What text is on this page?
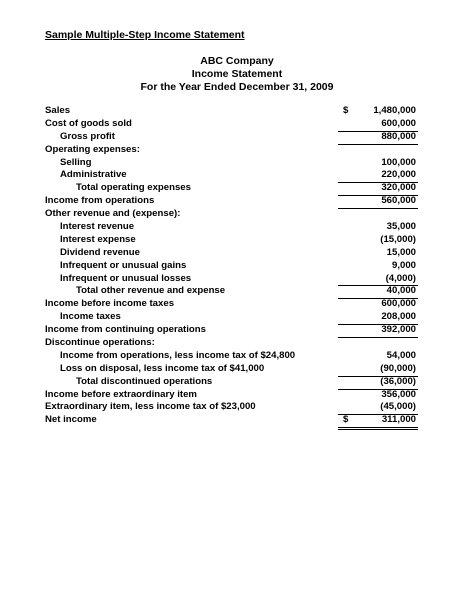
Sample Multiple-Step Income Statement
ABC Company
Income Statement
For the Year Ended December 31, 2009
Sales	$	1,480,000
Cost of goods sold	600,000
Gross profit	880,000
Operating expenses:
Selling	100,000
Administrative	220,000
Total operating expenses	320,000
Income from operations	560,000
Other revenue and (expense):
Interest revenue	35,000
Interest expense	(15,000)
Dividend revenue	15,000
Infrequent or unusual gains	9,000
Infrequent or unusual losses	(4,000)
Total other revenue and expense	40,000
Income before income taxes	600,000
Income taxes	208,000
Income from continuing operations	392,000
Discontinue operations:
Income from operations, less income tax of $24,800	54,000
Loss on disposal, less income tax of $41,000	(90,000)
Total discontinued operations	(36,000)
Income before extraordinary item	356,000
Extraordinary item, less income tax of $23,000	(45,000)
Net income	$	311,000
